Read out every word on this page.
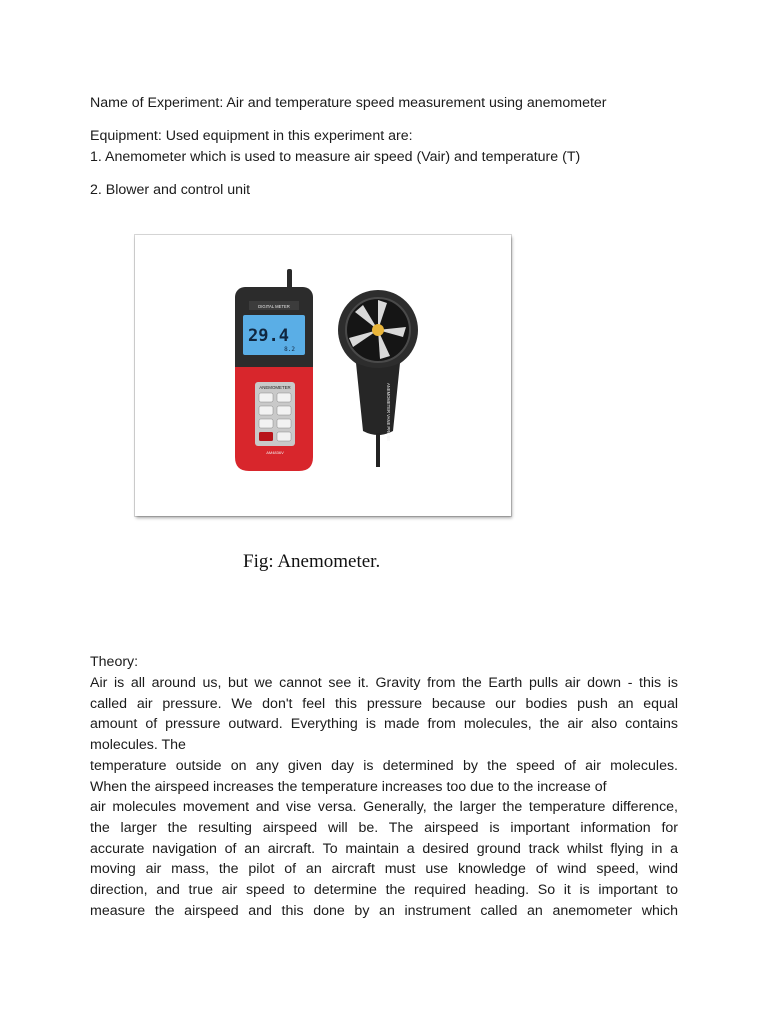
Name of Experiment: Air and temperature speed measurement using anemometer
Equipment: Used equipment in this experiment are:
1. Anemometer which is used to measure air speed (Vair) and temperature (T)
2. Blower and control unit
DIGITAL METER
29.4
8.2
ANEMOMETER
AM4836V
ANEMOMETER VANE PROBE
Fig: Anemometer.
Theory:
Air is all around us, but we cannot see it. Gravity from the Earth pulls air down - this is
called air pressure. We don't feel this pressure because our bodies push an equal
amount of pressure outward. Everything is made from molecules, the air also contains
molecules. The
temperature outside on any given day is determined by the speed of air molecules.
When the airspeed increases the temperature increases too due to the increase of
air molecules movement and vise versa. Generally, the larger the temperature difference,
the larger the resulting airspeed will be. The airspeed is important information for
accurate navigation of an aircraft. To maintain a desired ground track whilst flying in a
moving air mass, the pilot of an aircraft must use knowledge of wind speed, wind
direction, and true air speed to determine the required heading. So it is important to
measure the airspeed and this done by an instrument called an anemometer which
